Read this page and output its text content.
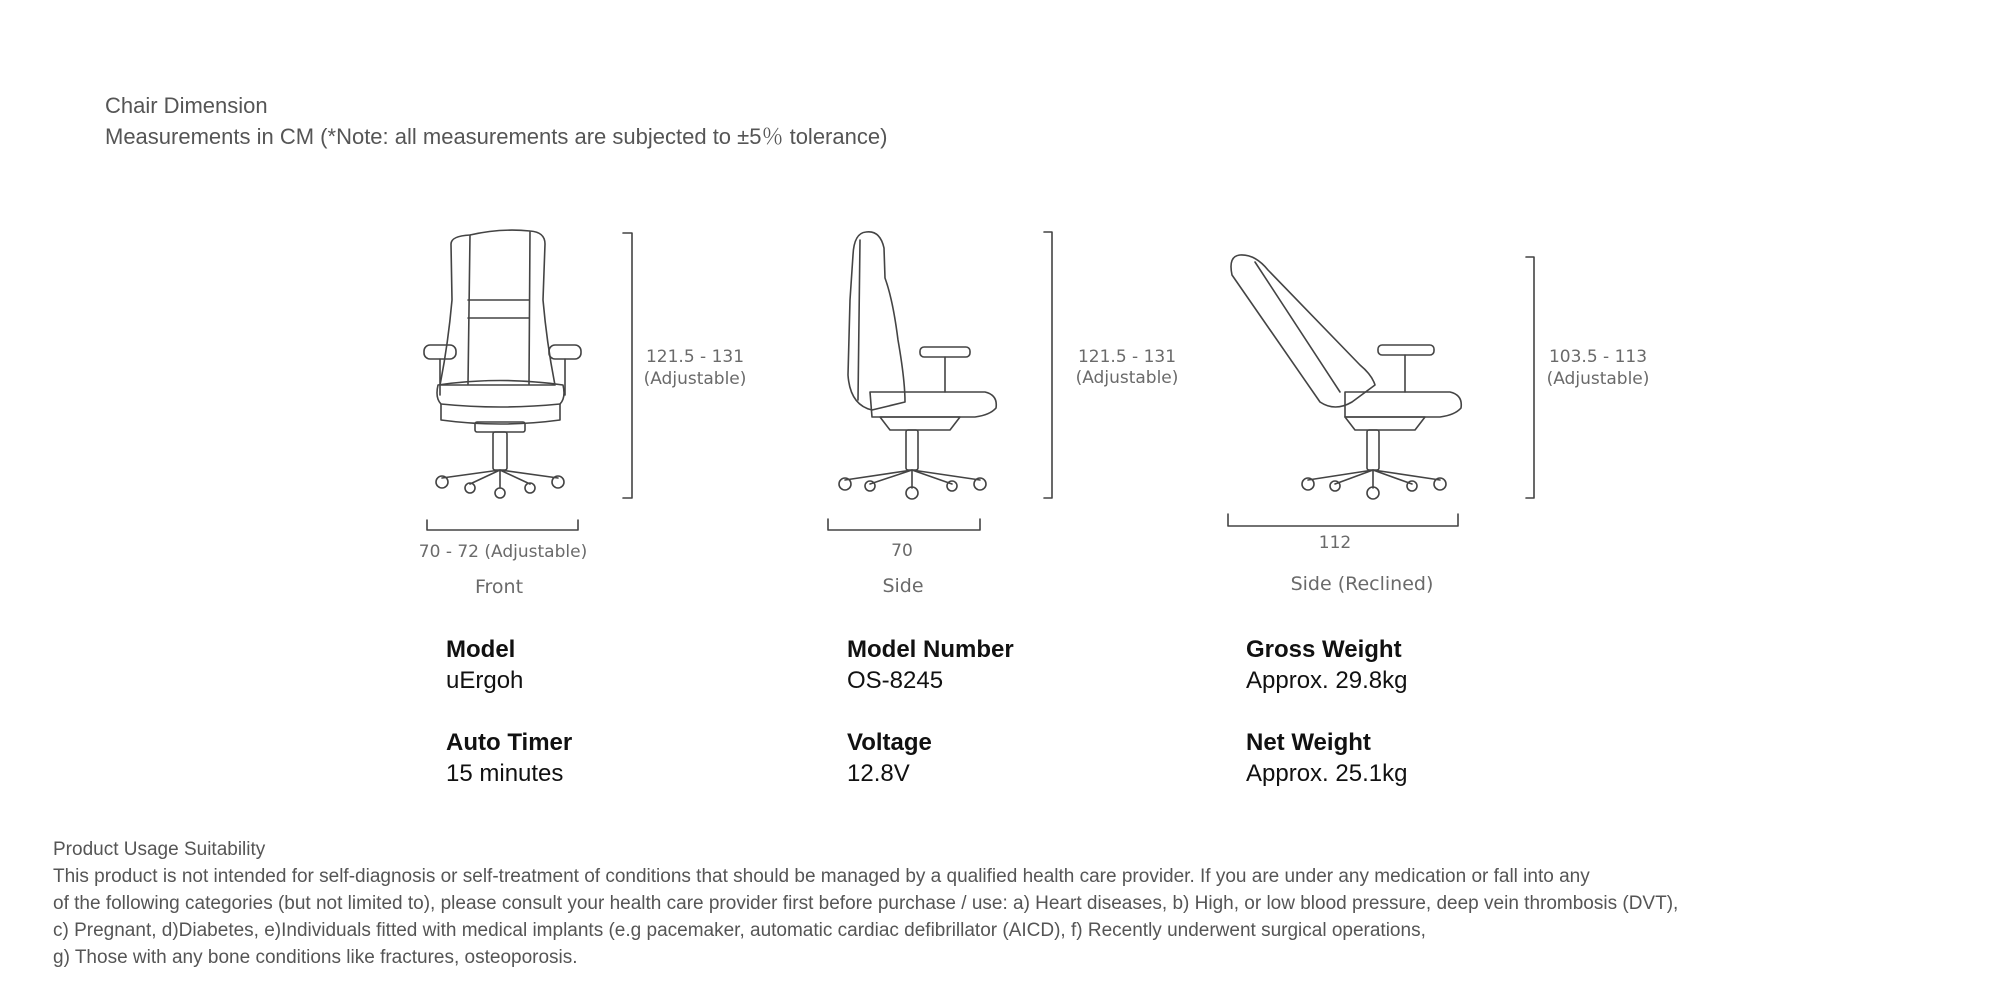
Chair Dimension
Measurements in CM (*Note: all measurements are subjected to ±5％ tolerance)
121.5 - 131
(Adjustable)
70 - 72 (Adjustable)
Front
121.5 - 131
(Adjustable)
70
Side
103.5 - 113
(Adjustable)
112
Side (Reclined)
Model
uErgoh
Model Number
OS-8245
Gross Weight
Approx. 29.8kg
Auto Timer
15 minutes
Voltage
12.8V
Net Weight
Approx. 25.1kg
Product Usage Suitability
This product is not intended for self-diagnosis or self-treatment of conditions that should be managed by a qualified health care provider. If you are under any medication or fall into any
of the following categories (but not limited to), please consult your health care provider first before purchase / use: a) Heart diseases, b) High, or low blood pressure, deep vein thrombosis (DVT),
c) Pregnant, d)Diabetes, e)Individuals fitted with medical implants (e.g pacemaker, automatic cardiac defibrillator (AICD), f) Recently underwent surgical operations,
g) Those with any bone conditions like fractures, osteoporosis.
